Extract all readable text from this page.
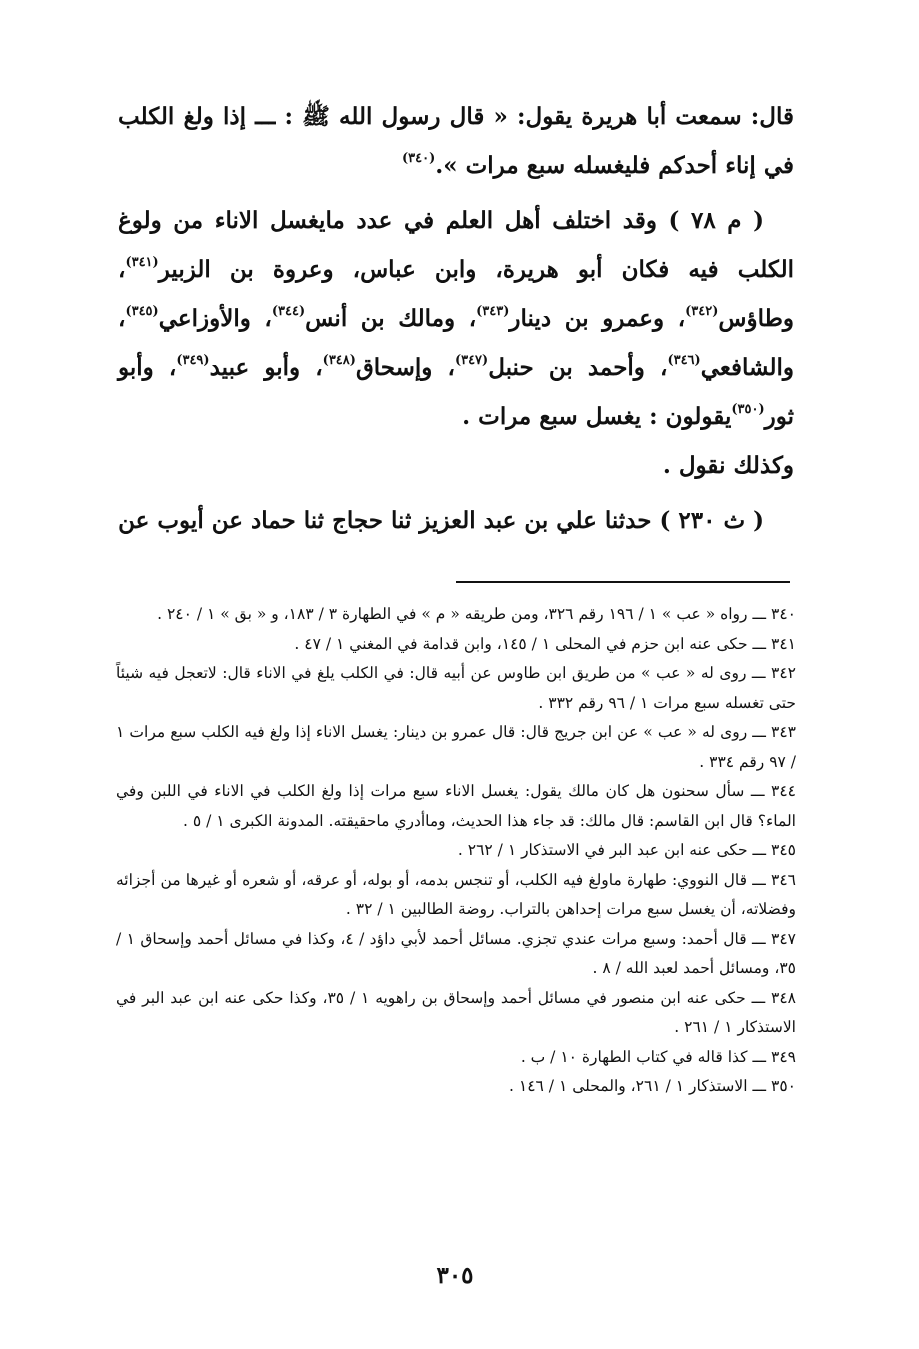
قال: سمعت أبا هريرة يقول: « قال رسول الله ﷺ : ـــ إذا ولغ الكلب في إناء أحدكم فليغسله سبع مرات ».$^{(٣٤٠)}$

( م ٧٨ ) وقد اختلف أهل العلم في عدد مايغسل الاناء من ولوغ الكلب فيه فكان أبو هريرة، وابن عباس، وعروة بن الزبير$^{(٣٤١)}$، وطاؤس$^{(٣٤٢)}$، وعمرو بن دينار$^{(٣٤٣)}$، ومالك بن أنس$^{(٣٤٤)}$، والأوزاعي$^{(٣٤٥)}$، والشافعي$^{(٣٤٦)}$، وأحمد بن حنبل$^{(٣٤٧)}$، وإسحاق$^{(٣٤٨)}$، وأبو عبيد$^{(٣٤٩)}$، وأبو ثور$^{(٣٥٠)}$يقولون : يغسل سبع مرات .

وكذلك نقول .

( ث ٢٣٠ ) حدثنا علي بن عبد العزيز ثنا حجاج ثنا حماد عن أيوب عن

٣٤٠ ـــ رواه « عب » ١ / ١٩٦ رقم ٣٢٦، ومن طريقه « م » في الطهارة ٣ / ١٨٣، و « بق » ١ / ٢٤٠ .

٣٤١ ـــ حكى عنه ابن حزم في المحلى ١ / ١٤٥، وابن قدامة في المغني ١ / ٤٧ .

٣٤٢ ـــ روى له « عب » من طريق ابن طاوس عن أبيه قال: في الكلب يلغ في الاناء قال: لاتعجل فيه شيئاً حتى تغسله سبع مرات ١ / ٩٦ رقم ٣٣٢ .

٣٤٣ ـــ روى له « عب » عن ابن جريج قال: قال عمرو بن دينار: يغسل الاناء إذا ولغ فيه الكلب سبع مرات ١ / ٩٧ رقم ٣٣٤ .

٣٤٤ ـــ سأل سحنون هل كان مالك يقول: يغسل الاناء سبع مرات إذا ولغ الكلب في الاناء في اللبن وفي الماء؟ قال ابن القاسم: قال مالك: قد جاء هذا الحديث، وماأدري ماحقيقته. المدونة الكبرى ١ / ٥ .

٣٤٥ ـــ حكى عنه ابن عبد البر في الاستذكار ١ / ٢٦٢ .

٣٤٦ ـــ قال النووي: طهارة ماولغ فيه الكلب، أو تنجس بدمه، أو بوله، أو عرقه، أو شعره أو غيرها من أجزائه وفضلاته، أن يغسل سبع مرات إحداهن بالتراب. روضة الطالبين ١ / ٣٢ .

٣٤٧ ـــ قال أحمد: وسبع مرات عندي تجزي. مسائل أحمد لأبي داؤد / ٤، وكذا في مسائل أحمد وإسحاق ١ / ٣٥، ومسائل أحمد لعبد الله / ٨ .

٣٤٨ ـــ حكى عنه ابن منصور في مسائل أحمد وإسحاق بن راهويه ١ / ٣٥، وكذا حكى عنه ابن عبد البر في الاستذكار ١ / ٢٦١ .

٣٤٩ ـــ كذا قاله في كتاب الطهارة ١٠ / ب .

٣٥٠ ـــ الاستذكار ١ / ٢٦١، والمحلى ١ / ١٤٦ .

٣٠٥
